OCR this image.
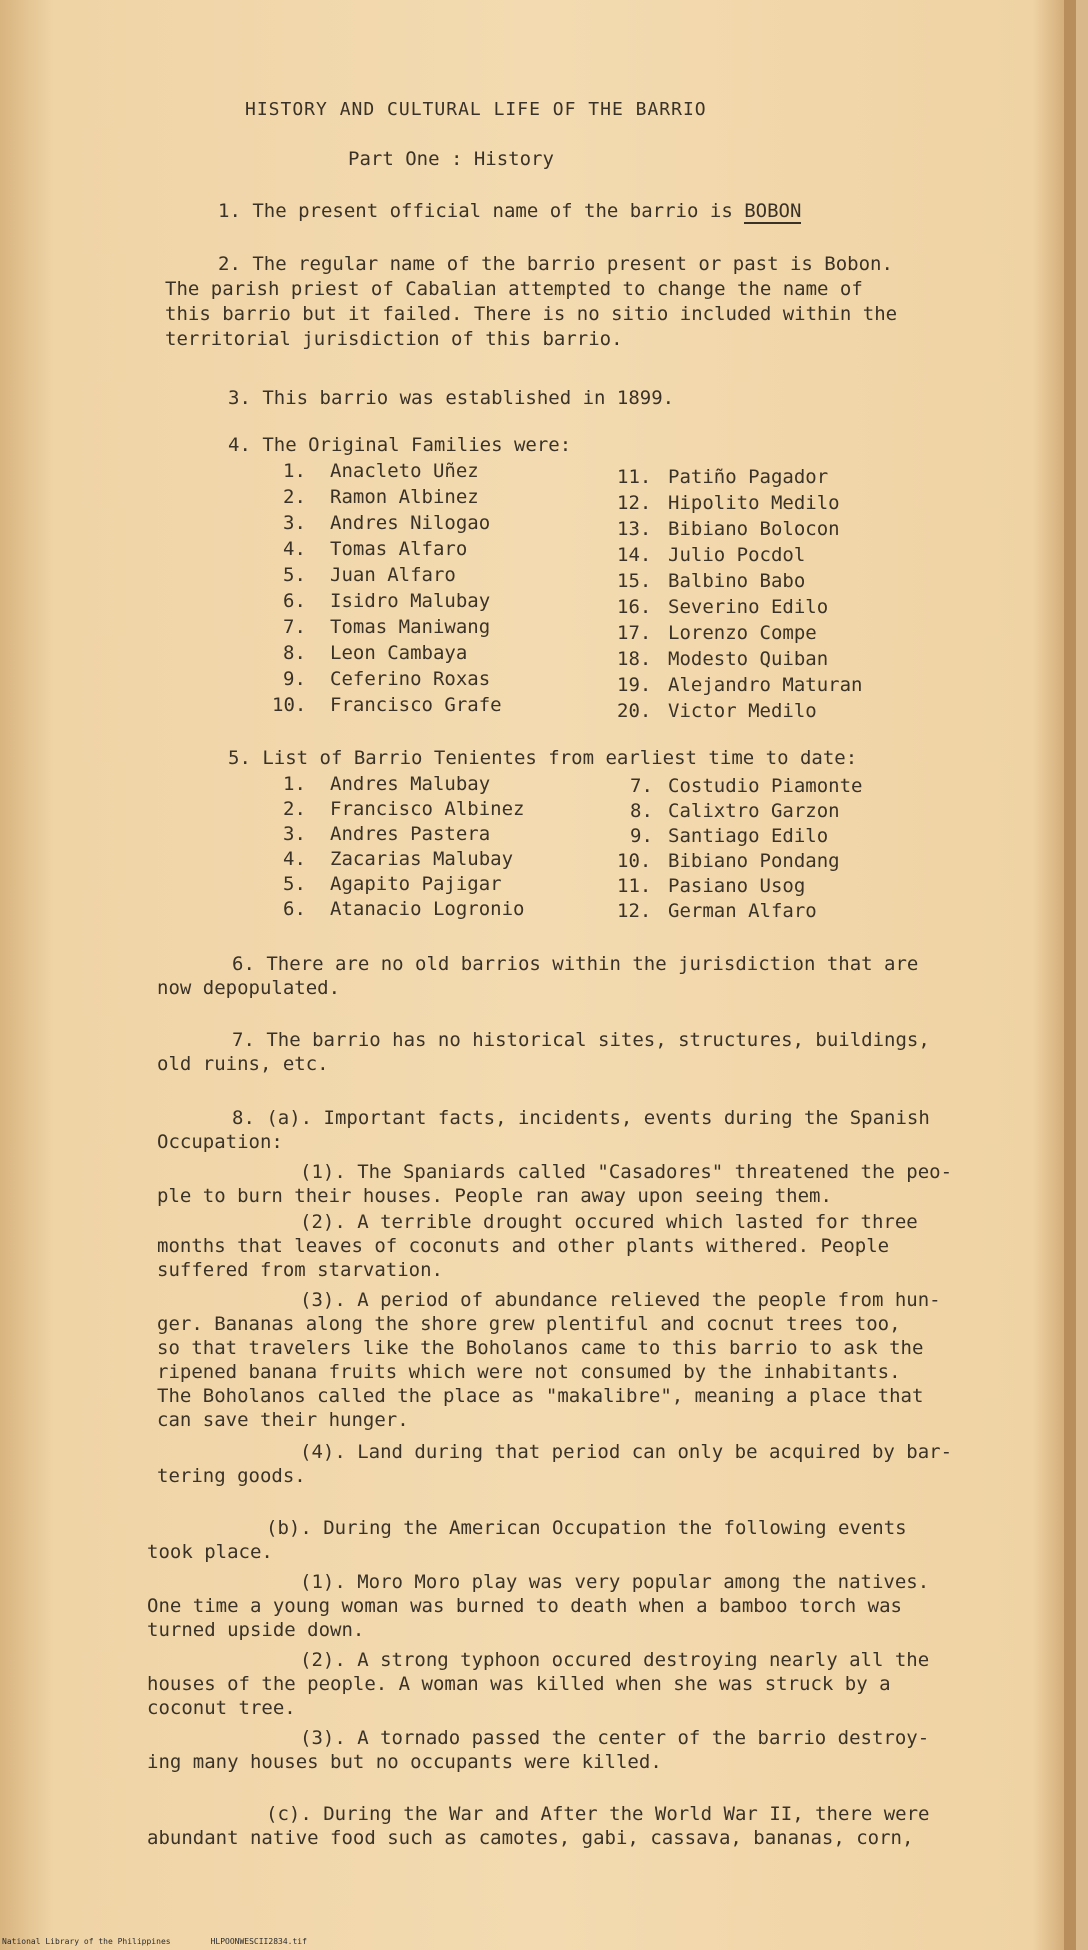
HISTORY AND CULTURAL LIFE OF THE BARRIO
Part One : History
1. The present official name of the barrio is BOBON
2. The regular name of the barrio present or past is Bobon.
The parish priest of Cabalian attempted to change the name of
this barrio but it failed. There is no sitio included within the
territorial jurisdiction of this barrio.
3. This barrio was established in 1899.
4. The Original Families were:
1. Anacleto Uñez
2. Ramon Albinez
3. Andres Nilogao
4. Tomas Alfaro
5. Juan Alfaro
6. Isidro Malubay
7. Tomas Maniwang
8. Leon Cambaya
9. Ceferino Roxas
10. Francisco Grafe
11. Patiño Pagador
12. Hipolito Medilo
13. Bibiano Bolocon
14. Julio Pocdol
15. Balbino Babo
16. Severino Edilo
17. Lorenzo Compe
18. Modesto Quiban
19. Alejandro Maturan
20. Victor Medilo
5. List of Barrio Tenientes from earliest time to date:
1. Andres Malubay
2. Francisco Albinez
3. Andres Pastera
4. Zacarias Malubay
5. Agapito Pajigar
6. Atanacio Logronio
7. Costudio Piamonte
8. Calixtro Garzon
9. Santiago Edilo
10. Bibiano Pondang
11. Pasiano Usog
12. German Alfaro
6. There are no old barrios within the jurisdiction that are
now depopulated.
7. The barrio has no historical sites, structures, buildings,
old ruins, etc.
8. (a). Important facts, incidents, events during the Spanish
Occupation:
(1). The Spaniards called "Casadores" threatened the peo-
ple to burn their houses. People ran away upon seeing them.
(2). A terrible drought occured which lasted for three
months that leaves of coconuts and other plants withered. People
suffered from starvation.
(3). A period of abundance relieved the people from hun-
ger. Bananas along the shore grew plentiful and cocnut trees too,
so that travelers like the Boholanos came to this barrio to ask the
ripened banana fruits which were not consumed by the inhabitants.
The Boholanos called the place as "makalibre", meaning a place that
can save their hunger.
(4). Land during that period can only be acquired by bar-
tering goods.
(b). During the American Occupation the following events
took place.
(1). Moro Moro play was very popular among the natives.
One time a young woman was burned to death when a bamboo torch was
turned upside down.
(2). A strong typhoon occured destroying nearly all the
houses of the people. A woman was killed when she was struck by a
coconut tree.
(3). A tornado passed the center of the barrio destroy-
ing many houses but no occupants were killed.
(c). During the War and After the World War II, there were
abundant native food such as camotes, gabi, cassava, bananas, corn,
National Library of the Philippines	HLPOONWESCII2834.tif
